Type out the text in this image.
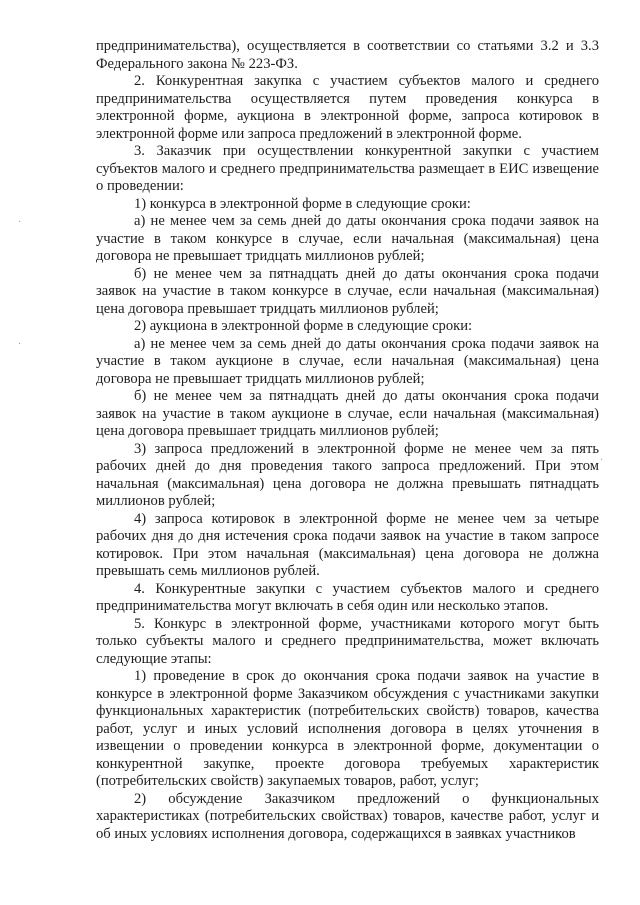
предпринимательства), осуществляется в соответствии со статьями 3.2 и 3.3 Федерального закона № 223-ФЗ.

2. Конкурентная закупка с участием субъектов малого и среднего предпринимательства осуществляется путем проведения конкурса в электронной форме, аукциона в электронной форме, запроса котировок в электронной форме или запроса предложений в электронной форме.

3. Заказчик при осуществлении конкурентной закупки с участием субъектов малого и среднего предпринимательства размещает в ЕИС извещение о проведении:

1) конкурса в электронной форме в следующие сроки:

а) не менее чем за семь дней до даты окончания срока подачи заявок на участие в таком конкурсе в случае, если начальная (максимальная) цена договора не превышает тридцать миллионов рублей;

б) не менее чем за пятнадцать дней до даты окончания срока подачи заявок на участие в таком конкурсе в случае, если начальная (максимальная) цена договора превышает тридцать миллионов рублей;

2) аукциона в электронной форме в следующие сроки:

а) не менее чем за семь дней до даты окончания срока подачи заявок на участие в таком аукционе в случае, если начальная (максимальная) цена договора не превышает тридцать миллионов рублей;

б) не менее чем за пятнадцать дней до даты окончания срока подачи заявок на участие в таком аукционе в случае, если начальная (максимальная) цена договора превышает тридцать миллионов рублей;

3) запроса предложений в электронной форме не менее чем за пять рабочих дней до дня проведения такого запроса предложений. При этом начальная (максимальная) цена договора не должна превышать пятнадцать миллионов рублей;

4) запроса котировок в электронной форме не менее чем за четыре рабочих дня до дня истечения срока подачи заявок на участие в таком запросе котировок. При этом начальная (максимальная) цена договора не должна превышать семь миллионов рублей.

4. Конкурентные закупки с участием субъектов малого и среднего предпринимательства могут включать в себя один или несколько этапов.

5. Конкурс в электронной форме, участниками которого могут быть только субъекты малого и среднего предпринимательства, может включать следующие этапы:

1) проведение в срок до окончания срока подачи заявок на участие в конкурсе в электронной форме Заказчиком обсуждения с участниками закупки функциональных характеристик (потребительских свойств) товаров, качества работ, услуг и иных условий исполнения договора в целях уточнения в извещении о проведении конкурса в электронной форме, документации о конкурентной закупке, проекте договора требуемых характеристик (потребительских свойств) закупаемых товаров, работ, услуг;

2) обсуждение Заказчиком предложений о функциональных характеристиках (потребительских свойствах) товаров, качестве работ, услуг и об иных условиях исполнения договора, содержащихся в заявках участников

·
·
·
